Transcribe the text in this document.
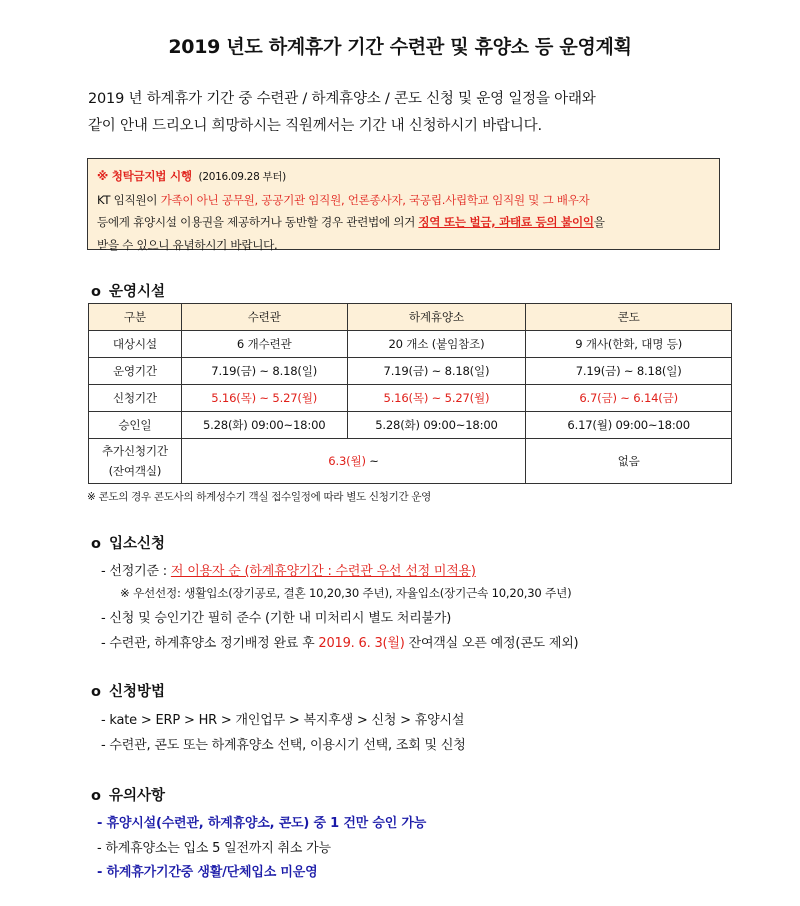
2019 년도 하계휴가 기간 수련관 및 휴양소 등 운영계획
2019 년 하계휴가 기간 중 수련관 / 하계휴양소 / 콘도 신청 및 운영 일정을 아래와
같이 안내 드리오니 희망하시는 직원께서는 기간 내 신청하시기 바랍니다.
※ 청탁금지법 시행 (2016.09.28 부터)
KT 임직원이 가족이 아닌 공무원, 공공기관 임직원, 언론종사자, 국공립.사립학교 임직원 및 그 배우자
등에게 휴양시설 이용권을 제공하거나 동반할 경우 관련법에 의거 징역 또는 벌금, 과태료 등의 불이익을
받을 수 있으니 유념하시기 바랍니다.
o 운영시설
구분	수련관	하계휴양소	콘도
대상시설	6 개수련관	20 개소 (붙임참조)	9 개사(한화, 대명 등)
운영기간	7.19(금) ~ 8.18(일)	7.19(금) ~ 8.18(일)	7.19(금) ~ 8.18(일)
신청기간	5.16(목) ~ 5.27(월)	5.16(목) ~ 5.27(월)	6.7(금) ~ 6.14(금)
승인일	5.28(화) 09:00~18:00	5.28(화) 09:00~18:00	6.17(월) 09:00~18:00

추가신청기간
(잔여객실)	6.3(월) ~		없음
※ 콘도의 경우 콘도사의 하계성수기 객실 접수일정에 따라 별도 신청기간 운영
o 입소신청
- 선정기준 : 저 이용자 순 (하계휴양기간 : 수련관 우선 선정 미적용)
※ 우선선정: 생활입소(장기공로, 결혼 10,20,30 주년), 자율입소(장기근속 10,20,30 주년)
- 신청 및 승인기간 필히 준수 (기한 내 미처리시 별도 처리불가)
- 수련관, 하계휴양소 정기배정 완료 후 2019. 6. 3(월) 잔여객실 오픈 예정(콘도 제외)
o 신청방법
- kate > ERP > HR > 개인업무 > 복지후생 > 신청 > 휴양시설
- 수련관, 콘도 또는 하계휴양소 선택, 이용시기 선택, 조회 및 신청
o 유의사항
- 휴양시설(수련관, 하계휴양소, 콘도) 중 1 건만 승인 가능
- 하계휴양소는 입소 5 일전까지 취소 가능
- 하계휴가기간중 생활/단체입소 미운영
